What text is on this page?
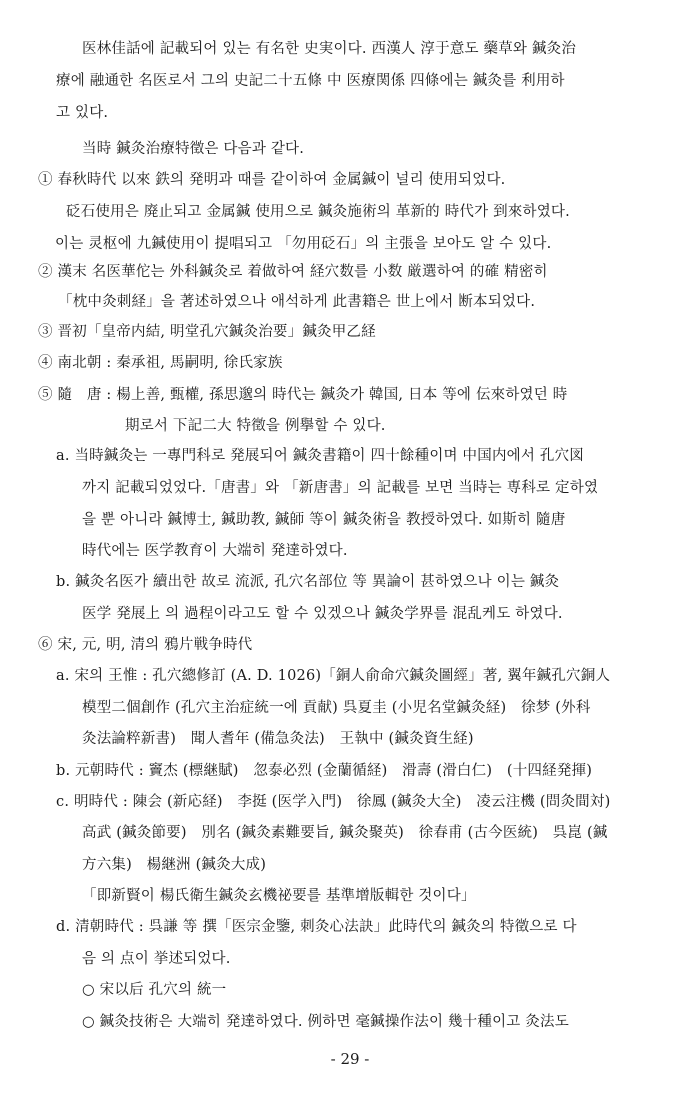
医林佳話에 記載되어 있는 有名한 史実이다. 西漢人 淳于意도 藥草와 鍼灸治
療에 融通한 名医로서 그의 史記二十五條 中 医療関係 四條에는 鍼灸를 利用하
고 있다.
当時 鍼灸治療特徵은 다음과 같다.
① 春秋時代 以來 鉄의 発明과 때를 같이하여 金属鍼이 널리 使用되었다.
砭石使用은 廃止되고 金属鍼 使用으로 鍼灸施術의 革新的 時代가 到來하였다.
이는 灵枢에 九鍼使用이 提唱되고 「勿用砭石」의 主張을 보아도 알 수 있다.
② 漢末 名医華佗는 外科鍼灸로 着做하여 経穴数를 小数 厳選하여 的確 精密히
「枕中灸刺経」을 著述하였으나 애석하게 此書籍은 世上에서 断本되었다.
③ 晋初「皇帝内結, 明堂孔穴鍼灸治要」鍼灸甲乙経
④ 南北朝 : 秦承祖, 馬嗣明, 徐氏家族
⑤ 隨　唐 : 楊上善, 甄權, 孫思邈의 時代는 鍼灸가 韓国, 日本 等에 伝來하였던 時
期로서 下記二大 特徵을 例擧할 수 있다.
a. 当時鍼灸는 一專門科로 発展되어 鍼灸書籍이 四十餘種이며 中国内에서 孔穴図
까지 記載되었었다.「唐書」와 「新唐書」의 記載를 보면 当時는 専科로 定하였
을 뿐 아니라 鍼博士, 鍼助教, 鍼師 等이 鍼灸術을 教授하였다. 如斯히 隨唐
時代에는 医学教育이 大端히 発達하였다.
b. 鍼灸名医가 續出한 故로 流派, 孔穴名部位 等 異論이 甚하였으나 이는 鍼灸
医学 発展上 의 過程이라고도 할 수 있겠으나 鍼灸学界를 混乱케도 하였다.
⑥ 宋, 元, 明, 清의 鴉片戦争時代
a. 宋의 王惟 : 孔穴總修訂 (A. D. 1026)「銅人俞命穴鍼灸圖經」著, 翼年鍼孔穴銅人
模型二個創作 (孔穴主治症統一에 貢献) 呉夏圭 (小児名堂鍼灸経)　徐梦 (外科
灸法論粹新書)　聞人耆年 (備急灸法)　王執中 (鍼灸資生経)
b. 元朝時代 : 竇杰 (標継賦)　忽泰必烈 (金蘭循経)　滑壽 (滑白仁)　(十四経発揮)
c. 明時代 : 陳会 (新応経)　李挺 (医学入門)　徐鳳 (鍼灸大全)　凌云注機 (問灸間対)
高武 (鍼灸節要)　別名 (鍼灸素難要旨, 鍼灸聚英)　徐春甫 (古今医統)　呉崑 (鍼
方六集)　楊継洲 (鍼灸大成)
「即新賢이 楊氏衛生鍼灸玄機祕要를 基準增版輯한 것이다」
d. 清朝時代 : 呉謙 等 撰「医宗金鑒, 刺灸心法訣」此時代의 鍼灸의 特徵으로 다
음 의 点이 挙述되었다.
○ 宋以后 孔穴의 統一
○ 鍼灸技術은 大端히 発達하였다. 例하면 毫鍼操作法이 幾十種이고 灸法도
- 29 -
